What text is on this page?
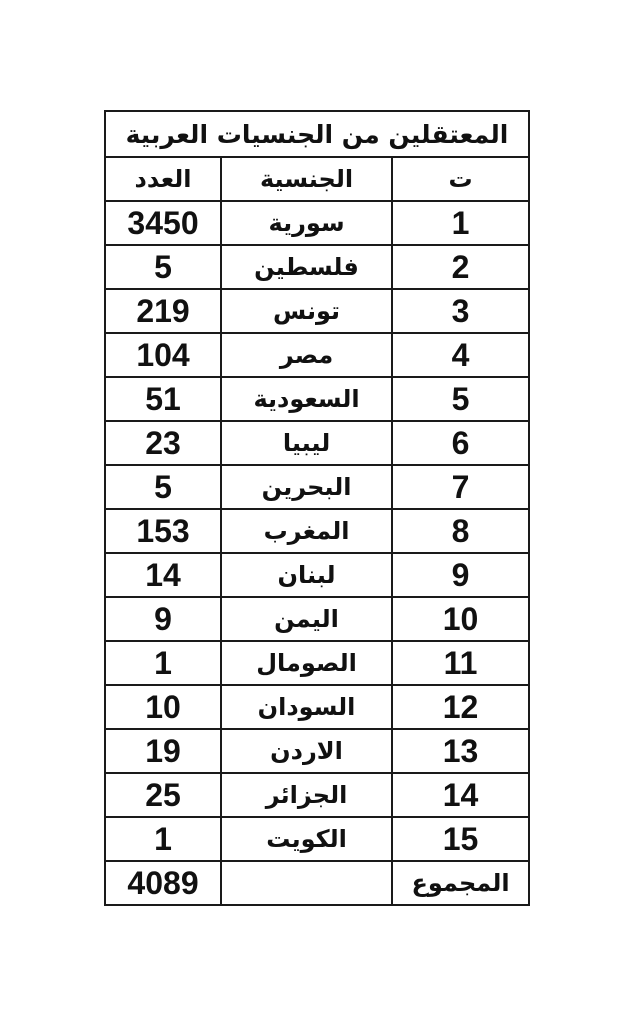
المعتقلين من الجنسيات العربية		
ت	الجنسية	العدد
1	سورية	3450
2	فلسطين	5
3	تونس	219
4	مصر	104
5	السعودية	51
6	ليبيا	23
7	البحرين	5
8	المغرب	153
9	لبنان	14
10	اليمن	9
11	الصومال	1
12	السودان	10
13	الاردن	19
14	الجزائر	25
15	الكويت	1
المجموع		4089
